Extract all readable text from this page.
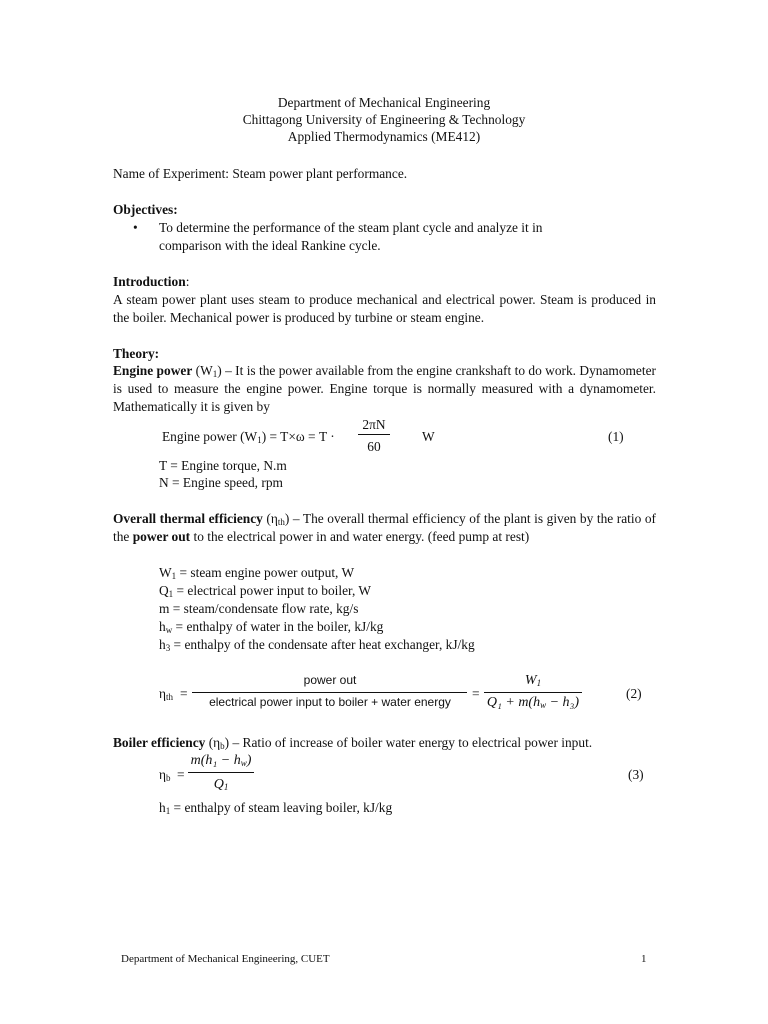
Department of Mechanical Engineering
Chittagong University of Engineering & Technology
Applied Thermodynamics (ME412)
Name of Experiment: Steam power plant performance.
Objectives:
• To determine the performance of the steam plant cycle and analyze it in
comparison with the ideal Rankine cycle.
Introduction:
A steam power plant uses steam to produce mechanical and electrical power. Steam is produced in the boiler. Mechanical power is produced by turbine or steam engine.
Theory:
Engine power $(W_1)$ – It is the power available from the engine crankshaft to do work. Dynamometer is used to measure the engine power. Engine torque is normally measured with a dynamometer. Mathematically it is given by
Engine power $(W_1) = T\times\omega = T$ ·
2πN
60
W	(1)
T = Engine torque, N.m
N = Engine speed, rpm
Overall thermal efficiency $(\eta_{th})$ – The overall thermal efficiency of the plant is given by the ratio of the power out to the electrical power in and water energy. (feed pump at rest)
$W_1$ = steam engine power output, W
$Q_1$ = electrical power input to boiler, W
m = steam/condensate flow rate, kg/s
$h_w$ = enthalpy of water in the boiler, kJ/kg
$h_3$ = enthalpy of the condensate after heat exchanger, kJ/kg
$\eta_{th}$ =
power out
electrical power input to boiler + water energy
=
$W_1$
$Q_1 + m(h_w - h_3)$
(2)
Boiler efficiency $(\eta_b)$ – Ratio of increase of boiler water energy to electrical power input.
$\eta_b$ =
$m(h_1 - h_w)$
$Q_1$
(3)
$h_1$ = enthalpy of steam leaving boiler, kJ/kg
Department of Mechanical Engineering, CUET	1
